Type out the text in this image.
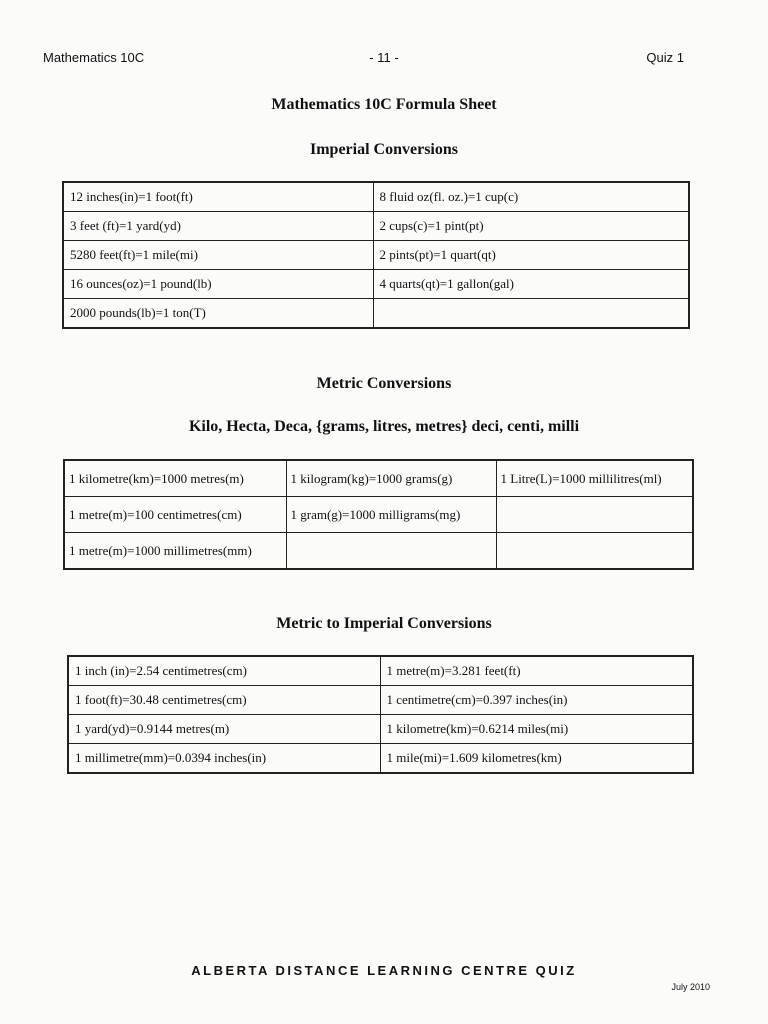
Mathematics 10C	- 11 -	Quiz 1
Mathematics 10C Formula Sheet
Imperial Conversions
12 inches(in)=1 foot(ft)	8 fluid oz(fl. oz.)=1 cup(c)
3 feet (ft)=1 yard(yd)	2 cups(c)=1 pint(pt)
5280 feet(ft)=1 mile(mi)	2 pints(pt)=1 quart(qt)
16 ounces(oz)=1 pound(lb)	4 quarts(qt)=1 gallon(gal)
2000 pounds(lb)=1 ton(T)	
Metric Conversions
Kilo, Hecta, Deca, {grams, litres, metres} deci, centi, milli
1 kilometre(km)=1000 metres(m)	1 kilogram(kg)=1000 grams(g)	1 Litre(L)=1000 millilitres(ml)
1 metre(m)=100 centimetres(cm)	1 gram(g)=1000 milligrams(mg)	
1 metre(m)=1000 millimetres(mm)		
Metric to Imperial Conversions
1 inch (in)=2.54 centimetres(cm)	1 metre(m)=3.281 feet(ft)
1 foot(ft)=30.48 centimetres(cm)	1 centimetre(cm)=0.397 inches(in)
1 yard(yd)=0.9144 metres(m)	1 kilometre(km)=0.6214 miles(mi)
1 millimetre(mm)=0.0394 inches(in)	1 mile(mi)=1.609 kilometres(km)
ALBERTA DISTANCE LEARNING CENTRE QUIZ
July 2010
